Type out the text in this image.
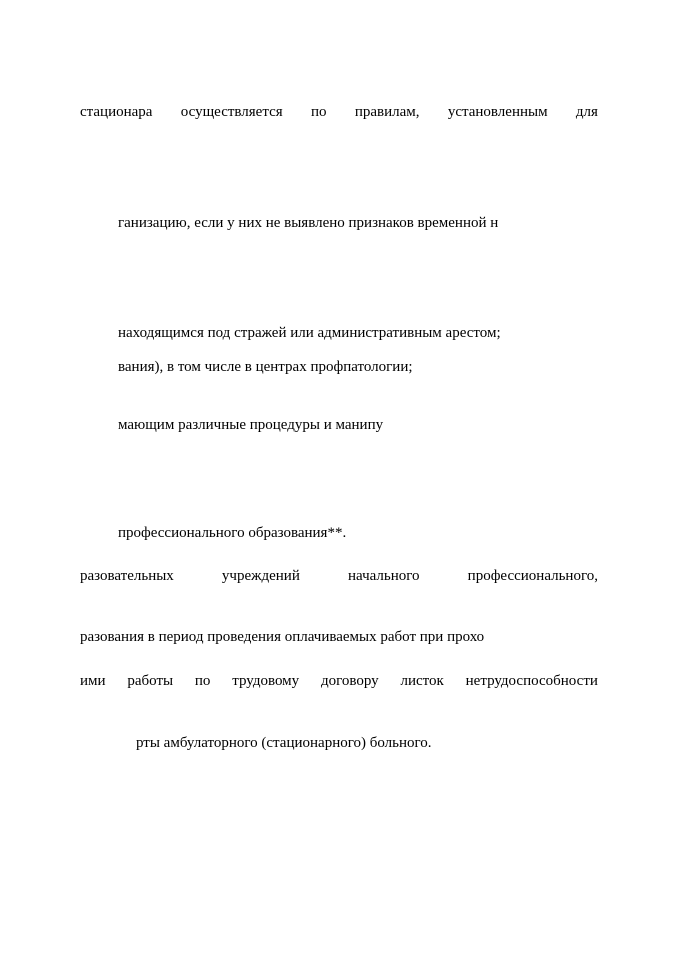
стационара осуществляется по правилам, установленным для
ганизацию, если у них не выявлено признаков временной н
находящимся под стражей или административным арестом;
вания), в том числе в центрах профпатологии;
мающим различные процедуры и манипу
профессионального образования**.
разовательных	учреждений	начального	профессионального,
разования в период проведения оплачиваемых работ при прохо
ими работы по трудовому договору листок нетрудоспособности
рты амбулаторного (стационарного) больного.
